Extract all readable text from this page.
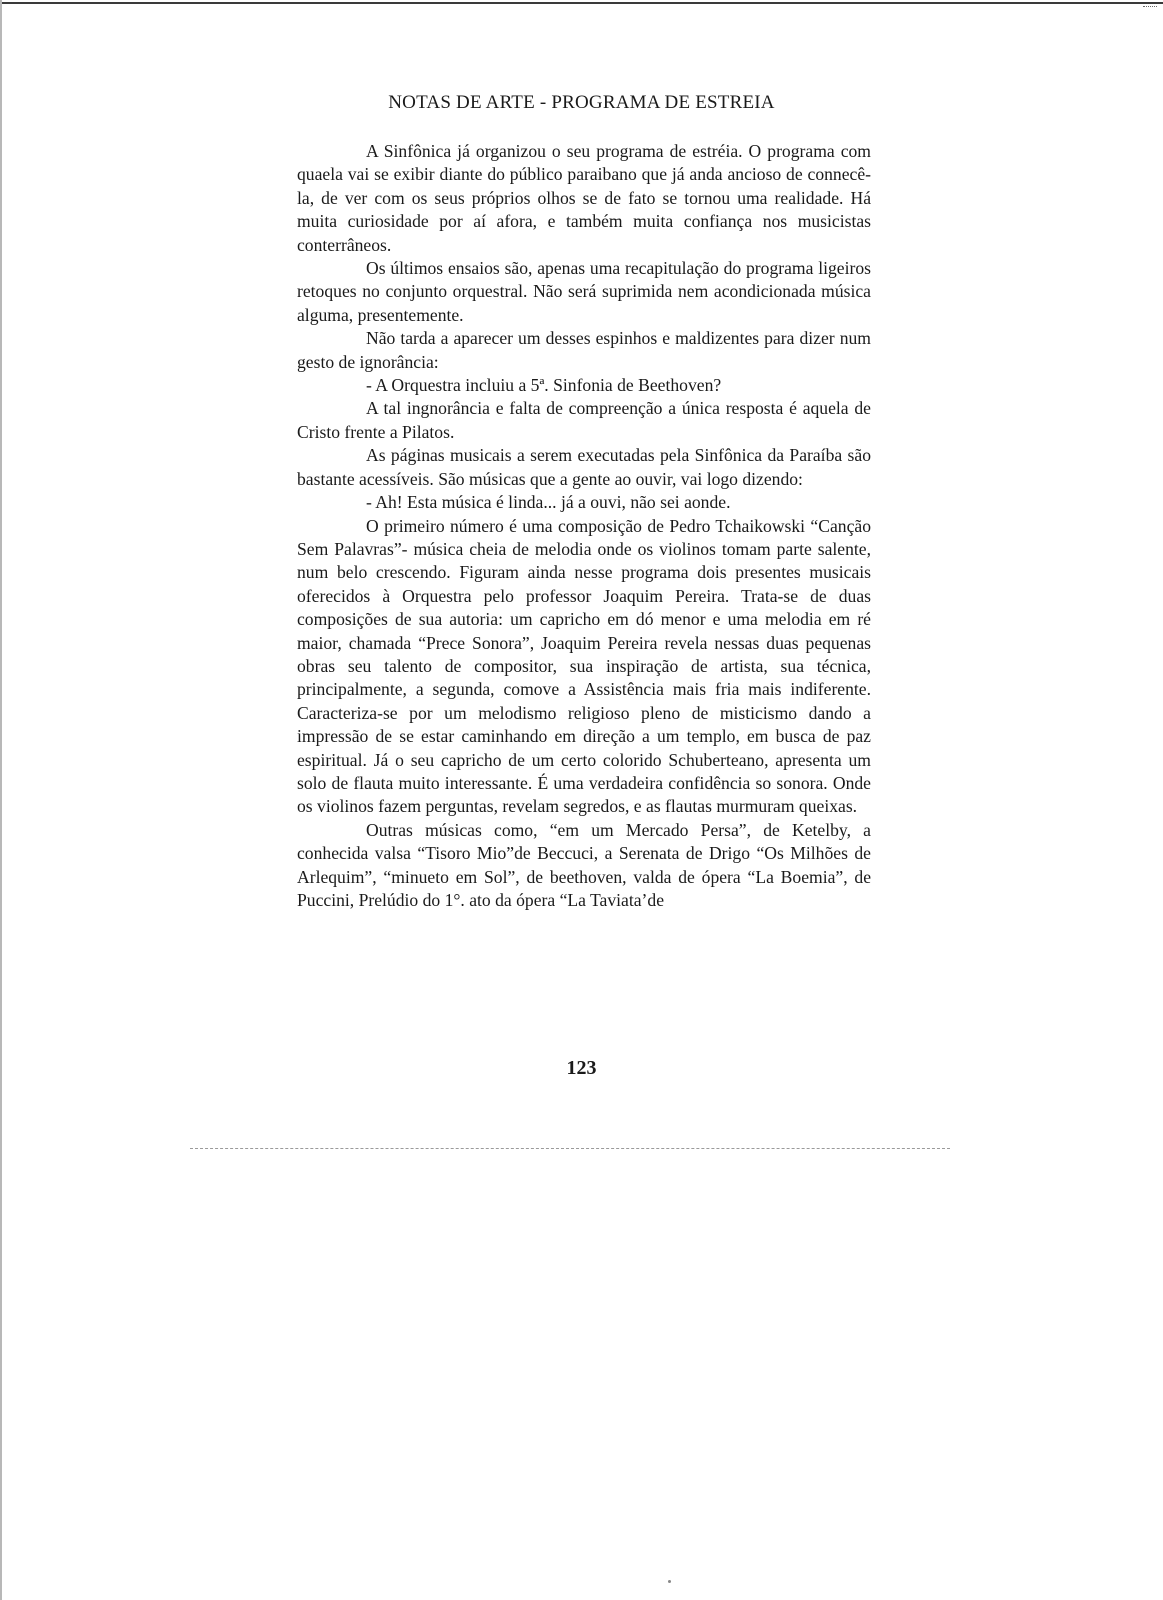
NOTAS DE ARTE - PROGRAMA DE ESTREIA

A Sinfônica já organizou o seu programa de estréia. O programa com quaela vai se exibir diante do público paraibano que já anda ancioso de connecê-la, de ver com os seus próprios olhos se de fato se tornou uma realidade. Há muita curiosidade por aí afora, e também muita confiança nos musicistas conterrâneos.

Os últimos ensaios são, apenas uma recapitulação do programa ligeiros retoques no conjunto orquestral. Não será suprimida nem acondicionada música alguma, presentemente.

Não tarda a aparecer um desses espinhos e maldizentes para dizer num gesto de ignorância:

- A Orquestra incluiu a 5ª. Sinfonia de Beethoven?

A tal ingnorância e falta de compreenção a única resposta é aquela de Cristo frente a Pilatos.

As páginas musicais a serem executadas pela Sinfônica da Paraíba são bastante acessíveis. São músicas que a gente ao ouvir, vai logo dizendo:

- Ah! Esta música é linda... já a ouvi, não sei aonde.

O primeiro número é uma composição de Pedro Tchaikowski “Canção Sem Palavras”- música cheia de melodia onde os violinos tomam parte salente, num belo crescendo. Figuram ainda nesse programa dois presentes musicais oferecidos à Orquestra pelo professor Joaquim Pereira. Trata-se de duas composições de sua autoria: um capricho em dó menor e uma melodia em ré maior, chamada “Prece Sonora”, Joaquim Pereira revela nessas duas pequenas obras seu talento de compositor, sua inspiração de artista, sua técnica, principalmente, a segunda, comove a Assistência mais fria mais indiferente. Caracteriza-se por um melodismo religioso pleno de misticismo dando a impressão de se estar caminhando em direção a um templo, em busca de paz espiritual. Já o seu capricho de um certo colorido Schuberteano, apresenta um solo de flauta muito interessante. É uma verdadeira confidência so sonora. Onde os violinos fazem perguntas, revelam segredos, e as flautas murmuram queixas.

Outras músicas como, “em um Mercado Persa”, de Ketelby, a conhecida valsa “Tisoro Mio”de Beccuci, a Serenata de Drigo “Os Milhões de Arlequim”, “minueto em Sol”, de beethoven, valda de ópera “La Boemia”, de Puccini, Prelúdio do 1°. ato da ópera “La Taviata’de

123
